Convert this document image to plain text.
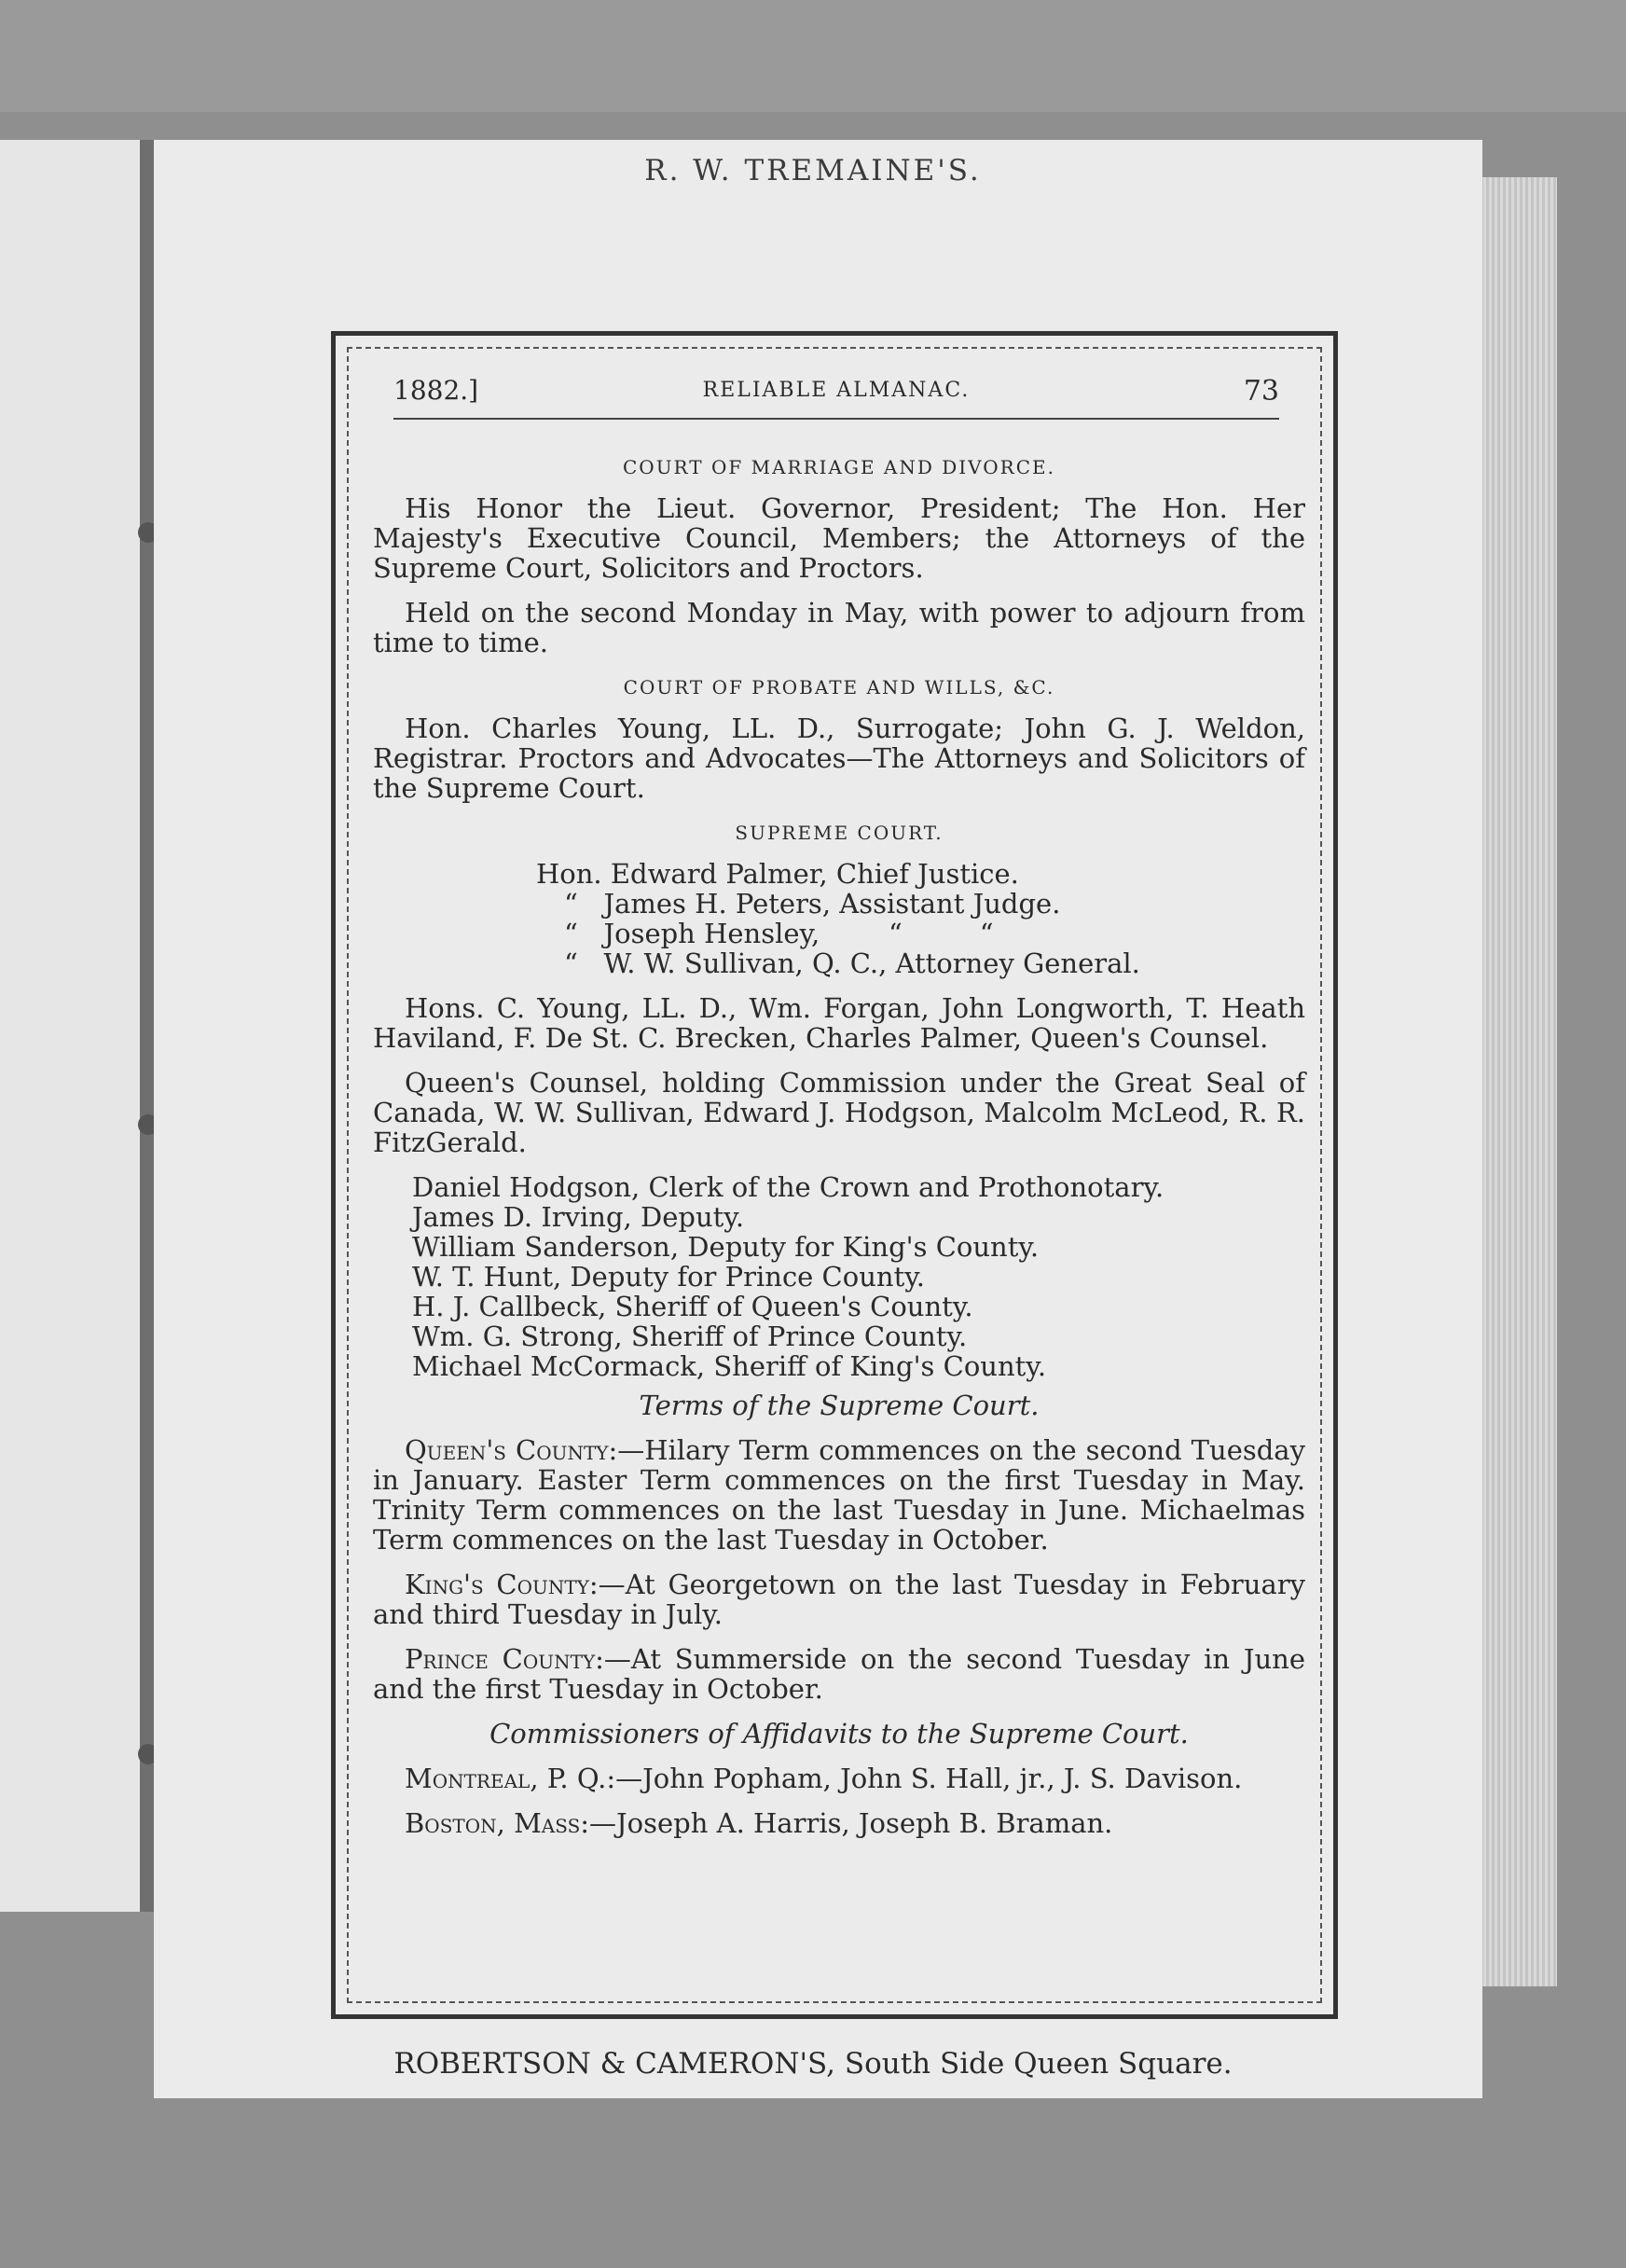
R. W. TREMAINE'S.
1882.]	RELIABLE ALMANAC.	73
COURT OF MARRIAGE AND DIVORCE.
His Honor the Lieut. Governor, President; The Hon. Her Majesty's Executive Council, Members; the Attorneys of the Supreme Court, Solicitors and Proctors.
Held on the second Monday in May, with power to adjourn from time to time.
COURT OF PROBATE AND WILLS, &C.
Hon. Charles Young, LL. D., Surrogate; John G. J. Weldon, Registrar. Proctors and Advocates—The Attorneys and Solicitors of the Supreme Court.
SUPREME COURT.
Hon. Edward Palmer, Chief Justice.
“   James H. Peters, Assistant Judge.
“   Joseph Hensley,        “         “
“   W. W. Sullivan, Q. C., Attorney General.
Hons. C. Young, LL. D., Wm. Forgan, John Longworth, T. Heath Haviland, F. De St. C. Brecken, Charles Palmer, Queen's Counsel.
Queen's Counsel, holding Commission under the Great Seal of Canada, W. W. Sullivan, Edward J. Hodgson, Malcolm McLeod, R. R. FitzGerald.
Daniel Hodgson, Clerk of the Crown and Prothonotary.
James D. Irving, Deputy.
William Sanderson, Deputy for King's County.
W. T. Hunt, Deputy for Prince County.
H. J. Callbeck, Sheriff of Queen's County.
Wm. G. Strong, Sheriff of Prince County.
Michael McCormack, Sheriff of King's County.
Terms of the Supreme Court.
Queen's County:—Hilary Term commences on the second Tuesday in January. Easter Term commences on the first Tuesday in May. Trinity Term commences on the last Tuesday in June. Michaelmas Term commences on the last Tuesday in October.
King's County:—At Georgetown on the last Tuesday in February and third Tuesday in July.
Prince County:—At Summerside on the second Tuesday in June and the first Tuesday in October.
Commissioners of Affidavits to the Supreme Court.
Montreal, P. Q.:—John Popham, John S. Hall, jr., J. S. Davison.
Boston, Mass:—Joseph A. Harris, Joseph B. Braman.
ROBERTSON & CAMERON'S, South Side Queen Square.
